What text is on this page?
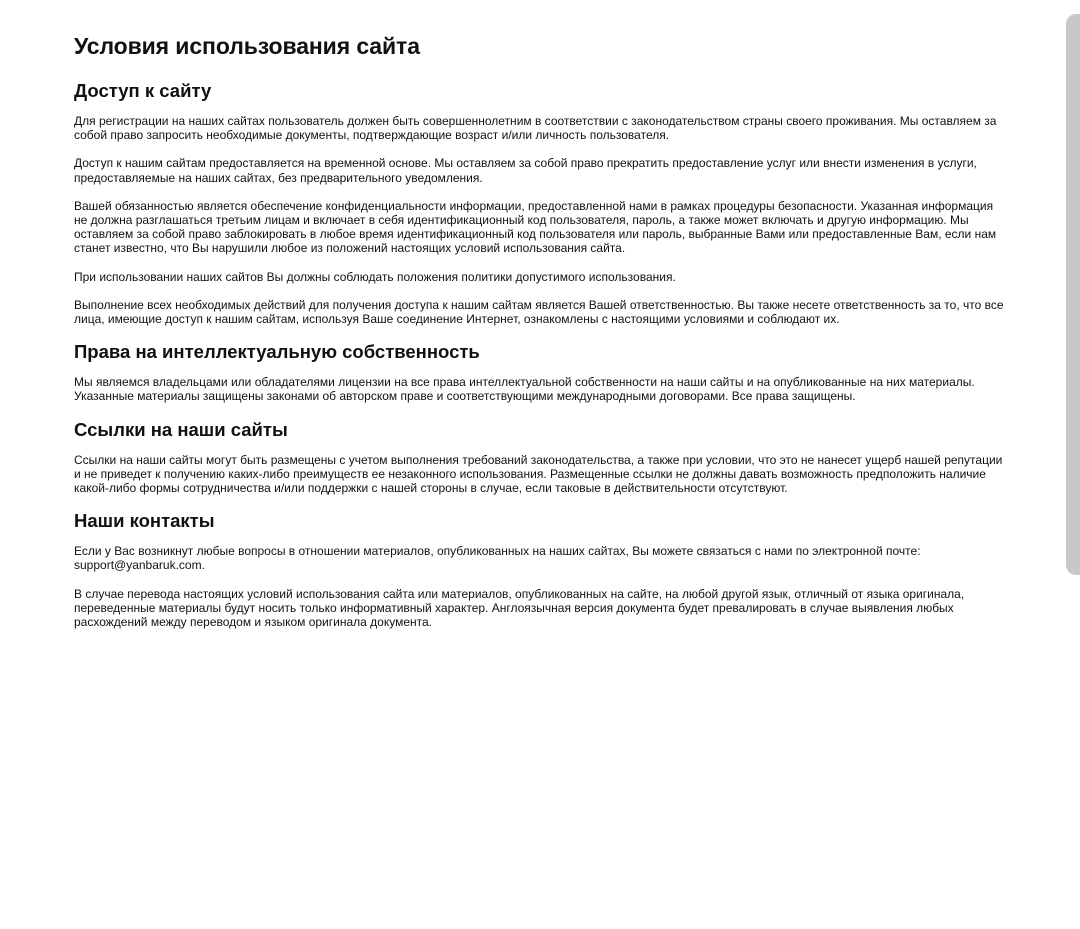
Условия использования сайта
Доступ к сайту

Для регистрации на наших сайтах пользователь должен быть совершеннолетним в соответствии с законодательством страны своего проживания. Мы оставляем за собой право запросить необходимые документы, подтверждающие возраст и/или личность пользователя.

Доступ к нашим сайтам предоставляется на временной основе. Мы оставляем за собой право прекратить предоставление услуг или внести изменения в услуги, предоставляемые на наших сайтах, без предварительного уведомления.

Вашей обязанностью является обеспечение конфиденциальности информации, предоставленной нами в рамках процедуры безопасности. Указанная информация не должна разглашаться третьим лицам и включает в себя идентификационный код пользователя, пароль, а также может включать и другую информацию. Мы оставляем за собой право заблокировать в любое время идентификационный код пользователя или пароль, выбранные Вами или предоставленные Вам, если нам станет известно, что Вы нарушили любое из положений настоящих условий использования сайта.

При использовании наших сайтов Вы должны соблюдать положения политики допустимого использования.

Выполнение всех необходимых действий для получения доступа к нашим сайтам является Вашей ответственностью. Вы также несете ответственность за то, что все лица, имеющие доступ к нашим сайтам, используя Ваше соединение Интернет, ознакомлены с настоящими условиями и соблюдают их.

Права на интеллектуальную собственность

Мы являемся владельцами или обладателями лицензии на все права интеллектуальной собственности на наши сайты и на опубликованные на них материалы. Указанные материалы защищены законами об авторском праве и соответствующими международными договорами. Все права защищены.

Ссылки на наши сайты

Ссылки на наши сайты могут быть размещены с учетом выполнения требований законодательства, а также при условии, что это не нанесет ущерб нашей репутации и не приведет к получению каких-либо преимуществ ее незаконного использования. Размещенные ссылки не должны давать возможность предположить наличие какой-либо формы сотрудничества и/или поддержки с нашей стороны в случае, если таковые в действительности отсутствуют.

Наши контакты

Если у Вас возникнут любые вопросы в отношении материалов, опубликованных на наших сайтах, Вы можете связаться с нами по электронной почте: support@yanbaruk.com.

В случае перевода настоящих условий использования сайта или материалов, опубликованных на сайте, на любой другой язык, отличный от языка оригинала, переведенные материалы будут носить только информативный характер. Англоязычная версия документа будет превалировать в случае выявления любых расхождений между переводом и языком оригинала документа.
